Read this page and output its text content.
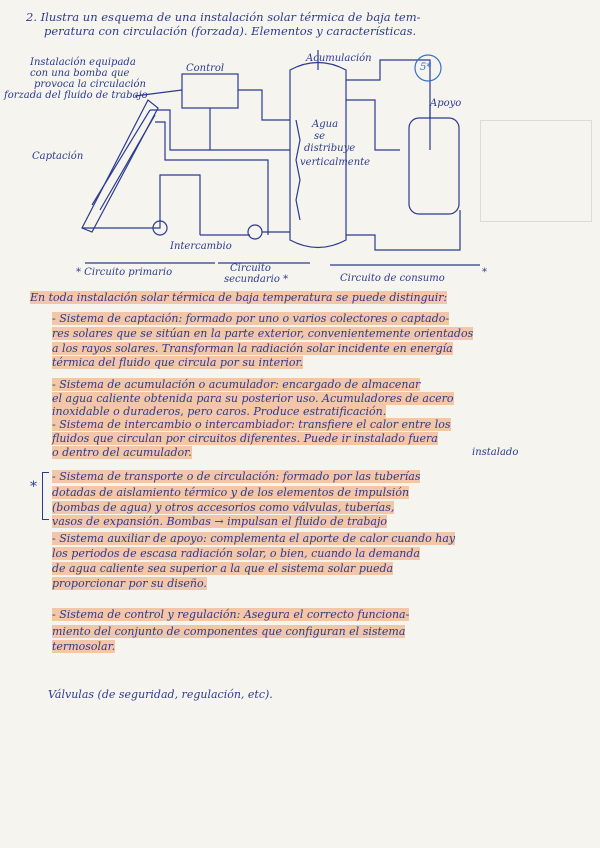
2. Ilustra un esquema de una instalación solar térmica de baja tem-
peratura con circulación (forzada). Elementos y características.
Instalación equipada
con una bomba que
provoca la circulación
forzada del fluido de trabajo
Control
Acumulación
5*
Apoyo
Captación
Agua
se
distribuye
verticalmente
Intercambio
* Circuito primario	Circuito
secundario *	Circuito de consumo
*
En toda instalación solar térmica de baja temperatura se puede distinguir:
- Sistema de captación: formado por uno o varios colectores o captado-
res solares que se sitúan en la parte exterior, convenientemente orientados
a los rayos solares. Transforman la radiación solar incidente en energía
térmica del fluido que circula por su interior.
- Sistema de acumulación o acumulador: encargado de almacenar
el agua caliente obtenida para su posterior uso. Acumuladores de acero
inoxidable o duraderos, pero caros. Produce estratificación.
- Sistema de intercambio o intercambiador: transfiere el calor entre los
fluidos que circulan por circuitos diferentes. Puede ir instalado fuera
o dentro del acumulador.	instalado
*
- Sistema de transporte o de circulación: formado por las tuberías
dotadas de aislamiento térmico y de los elementos de impulsión
(bombas de agua) y otros accesorios como válvulas, tuberías,
vasos de expansión. Bombas → impulsan el fluido de trabajo
- Sistema auxiliar de apoyo: complementa el aporte de calor cuando hay
los periodos de escasa radiación solar, o bien, cuando la demanda
de agua caliente sea superior a la que el sistema solar pueda
proporcionar por su diseño.
- Sistema de control y regulación: Asegura el correcto funciona-
miento del conjunto de componentes que configuran el sistema
termosolar.
Válvulas (de seguridad, regulación, etc).
